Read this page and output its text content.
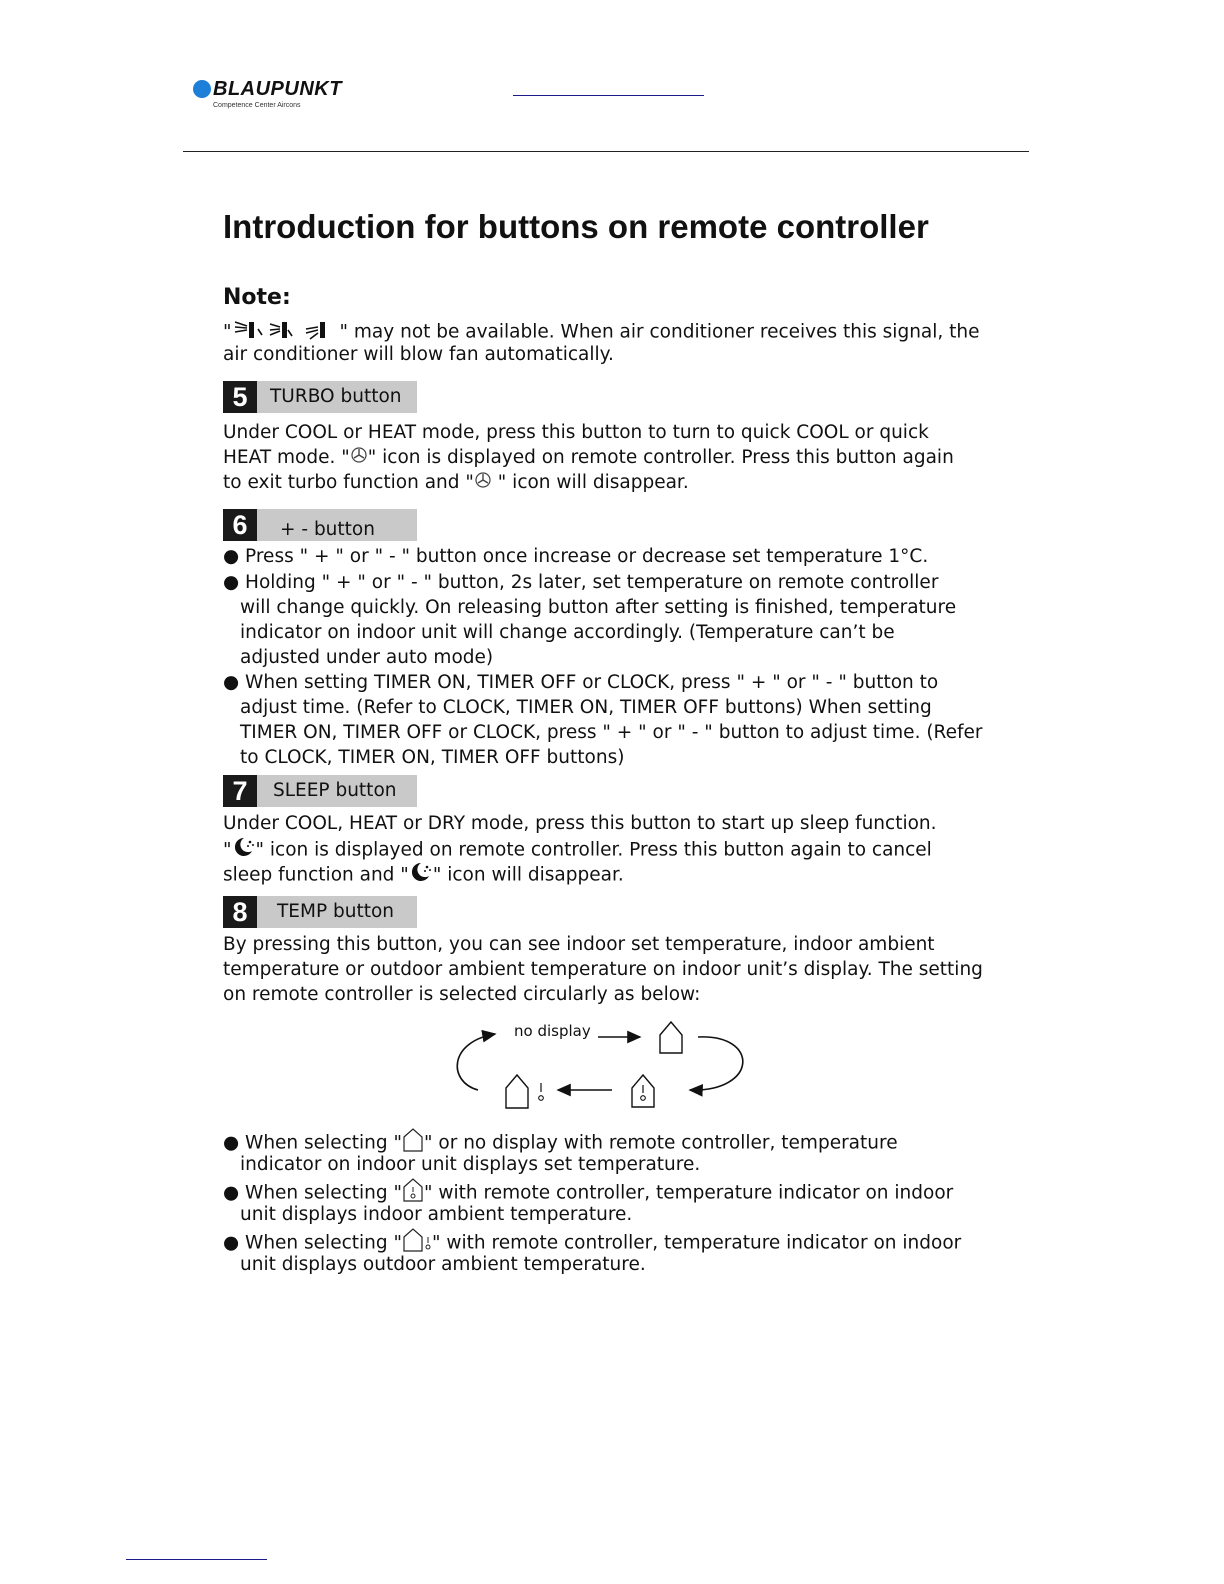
BLAUPUNKT
Competence Center Aircons
Introduction for buttons on remote controller
Note:
"	" may not be available. When air conditioner receives this signal, the
air conditioner will blow fan automatically.
5	TURBO button
Under COOL or HEAT mode, press this button to turn to quick COOL or quick
HEAT mode. " " icon is displayed on remote controller. Press this button again
to exit turbo function and " " icon will disappear.
6	+ - button
● Press " + " or " - " button once increase or decrease set temperature 1°C.
● Holding " + " or " - " button, 2s later, set temperature on remote controller
will change quickly. On releasing button after setting is finished, temperature
indicator on indoor unit will change accordingly. (Temperature can’t be
adjusted under auto mode)
● When setting TIMER ON, TIMER OFF or CLOCK, press " + " or " - " button to
adjust time. (Refer to CLOCK, TIMER ON, TIMER OFF buttons) When setting
TIMER ON, TIMER OFF or CLOCK, press " + " or " - " button to adjust time. (Refer
to CLOCK, TIMER ON, TIMER OFF buttons)
7	SLEEP button
Under COOL, HEAT or DRY mode, press this button to start up sleep function.
" " icon is displayed on remote controller. Press this button again to cancel
sleep function and " " icon will disappear.
8	TEMP button
By pressing this button, you can see indoor set temperature, indoor ambient
temperature or outdoor ambient temperature on indoor unit’s display. The setting
on remote controller is selected circularly as below:
no display
● When selecting " " or no display with remote controller, temperature
indicator on indoor unit displays set temperature.
● When selecting " " with remote controller, temperature indicator on indoor
unit displays indoor ambient temperature.
● When selecting " " with remote controller, temperature indicator on indoor
unit displays outdoor ambient temperature.
